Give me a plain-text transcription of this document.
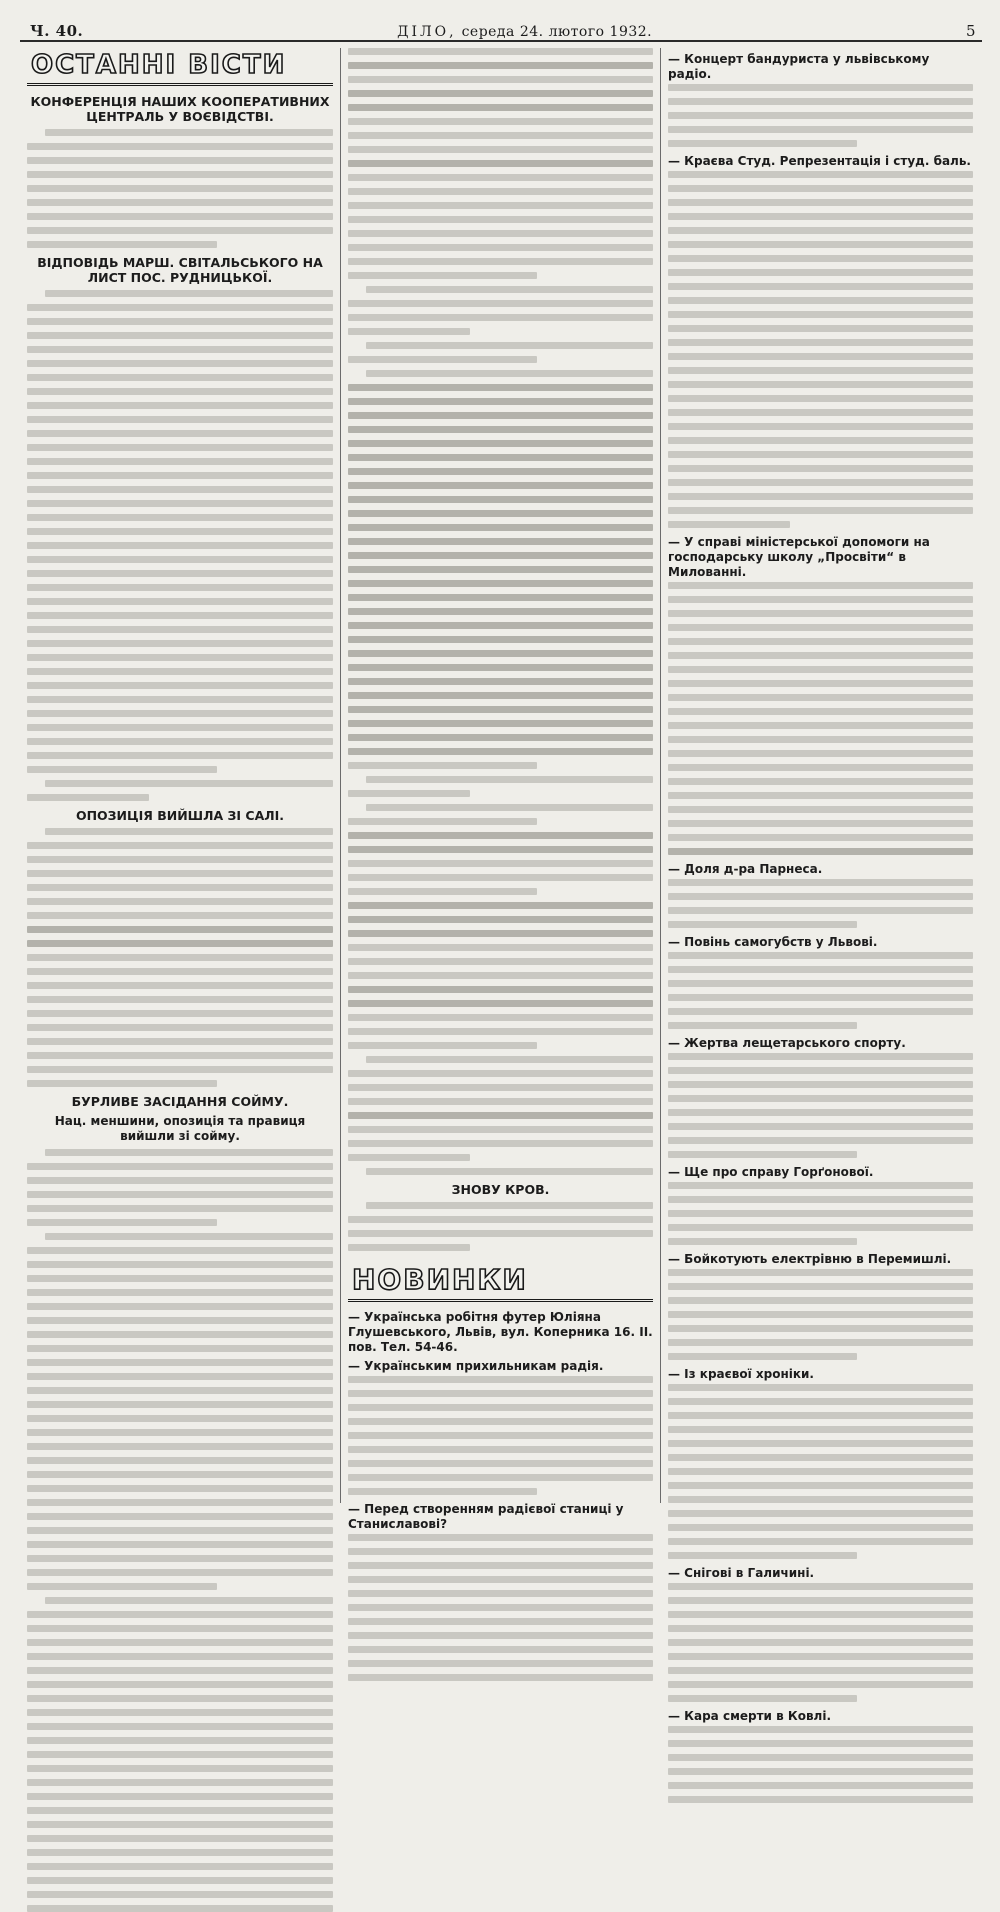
Ч. 40.	ДІЛО, середа 24. лютого 1932.	5
ОСТАННІ ВІСТИ
КОНФЕРЕНЦІЯ НАШИХ КООПЕРАТИВНИХ ЦЕНТРАЛЬ У ВОЄВІДСТВІ.
ВІДПОВІДЬ МАРШ. СВІТАЛЬСЬКОГО НА ЛИСТ ПОС. РУДНИЦЬКОЇ.
ОПОЗИЦІЯ ВИЙШЛА ЗІ САЛІ.
БУРЛИВЕ ЗАСІДАННЯ СОЙМУ.
Нац. меншини, опозиція та правиця вийшли зі сойму.
ЗНОВУ КРОВ.
НОВИНКИ
— Українська робітня футер Юліяна Глушевського, Львів, вул. Коперника 16. II. пов. Тел. 54-46.
— Українським прихильникам радія.
— Перед створенням радієвої станиці у Станиславові?
— Концерт бандуриста у львівському радіо.
— Краєва Студ. Репрезентація і студ. баль.
— У справі міністерської допомоги на господарську школу „Просвіти“ в Милованні.
— Доля д-ра Парнеса.
— Повінь самогубств у Львові.
— Жертва лещетарського спорту.
— Ще про справу Горґонової.
— Бойкотують електрівню в Перемишлі.
— Із краєвої хроніки.
— Снігові в Галичині.
— Кара смерти в Ковлі.
